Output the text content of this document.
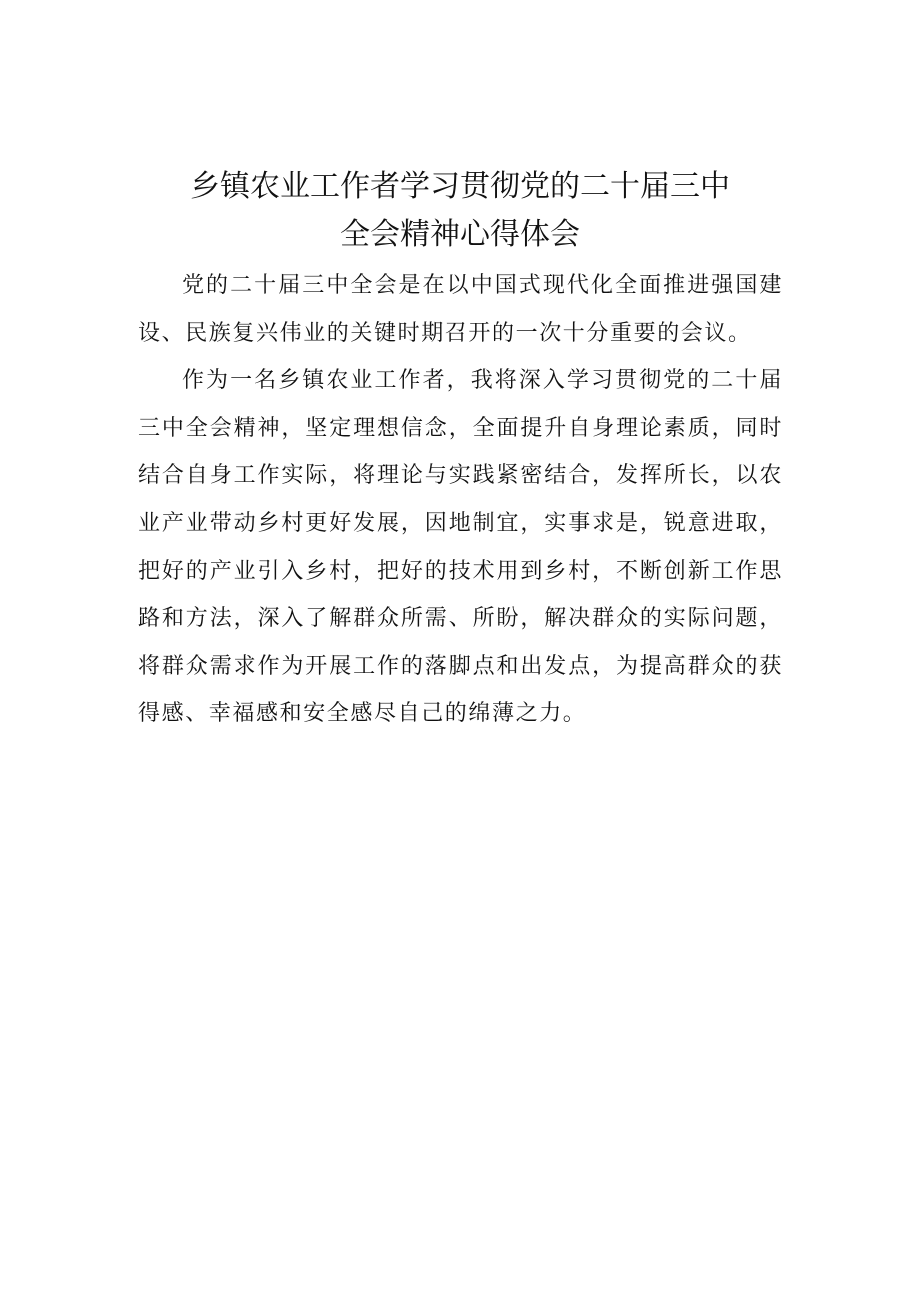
乡镇农业工作者学习贯彻党的二十届三中
全会精神心得体会

党的二十届三中全会是在以中国式现代化全面推进强国建设、民族复兴伟业的关键时期召开的一次十分重要的会议。

作为一名乡镇农业工作者，我将深入学习贯彻党的二十届三中全会精神，坚定理想信念，全面提升自身理论素质，同时结合自身工作实际，将理论与实践紧密结合，发挥所长，以农业产业带动乡村更好发展，因地制宜，实事求是，锐意进取，把好的产业引入乡村，把好的技术用到乡村，不断创新工作思路和方法，深入了解群众所需、所盼，解决群众的实际问题，将群众需求作为开展工作的落脚点和出发点，为提高群众的获得感、幸福感和安全感尽自己的绵薄之力。
